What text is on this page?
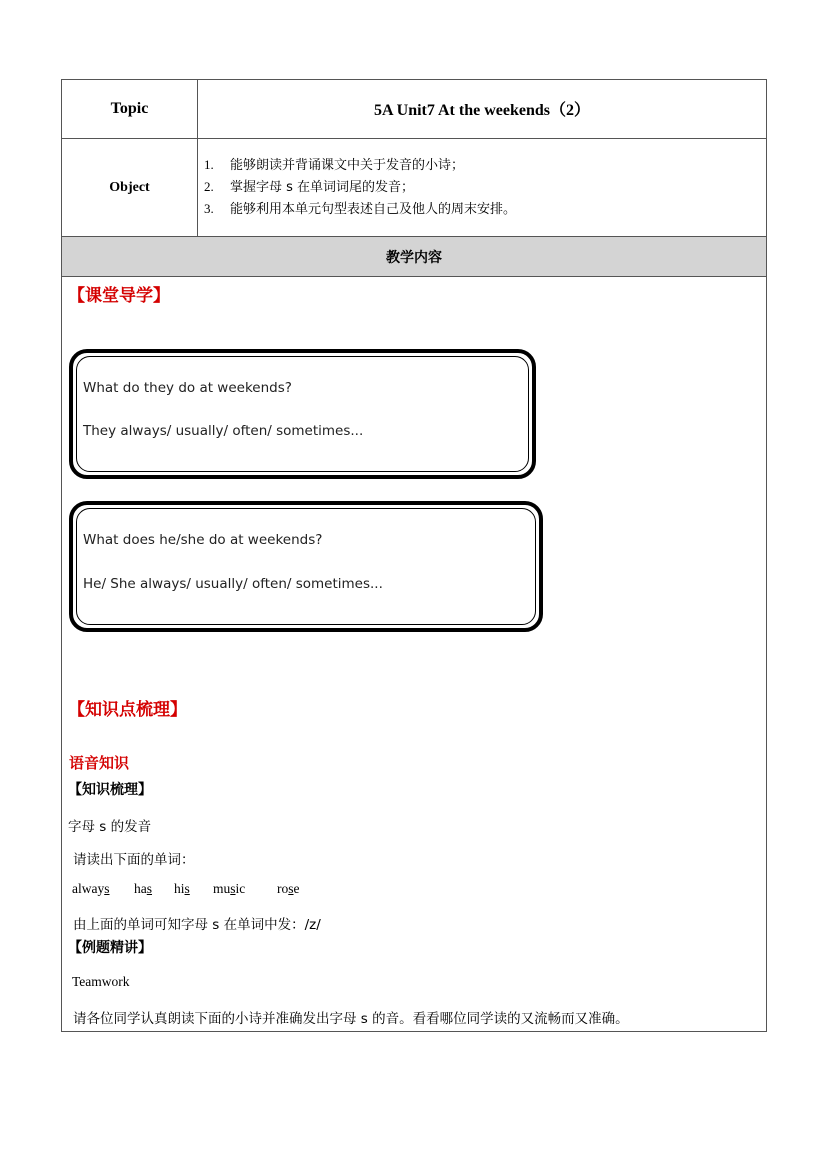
Topic	5A Unit7 At the weekends（2）
Object
1. 能够朗读并背诵课文中关于发音的小诗；
2. 掌握字母 s 在单词词尾的发音；
3. 能够利用本单元句型表述自己及他人的周末安排。
教学内容
【课堂导学】
What do they do at weekends?
They always/ usually/ often/ sometimes...
What does he/she do at weekends?
He/ She always/ usually/ often/ sometimes...
【知识点梳理】
语音知识
【知识梳理】
字母 s 的发音
请读出下面的单词：
always has his music rose
由上面的单词可知字母 s 在单词中发：/z/
【例题精讲】
Teamwork
请各位同学认真朗读下面的小诗并准确发出字母 s 的音。看看哪位同学读的又流畅而又准确。
